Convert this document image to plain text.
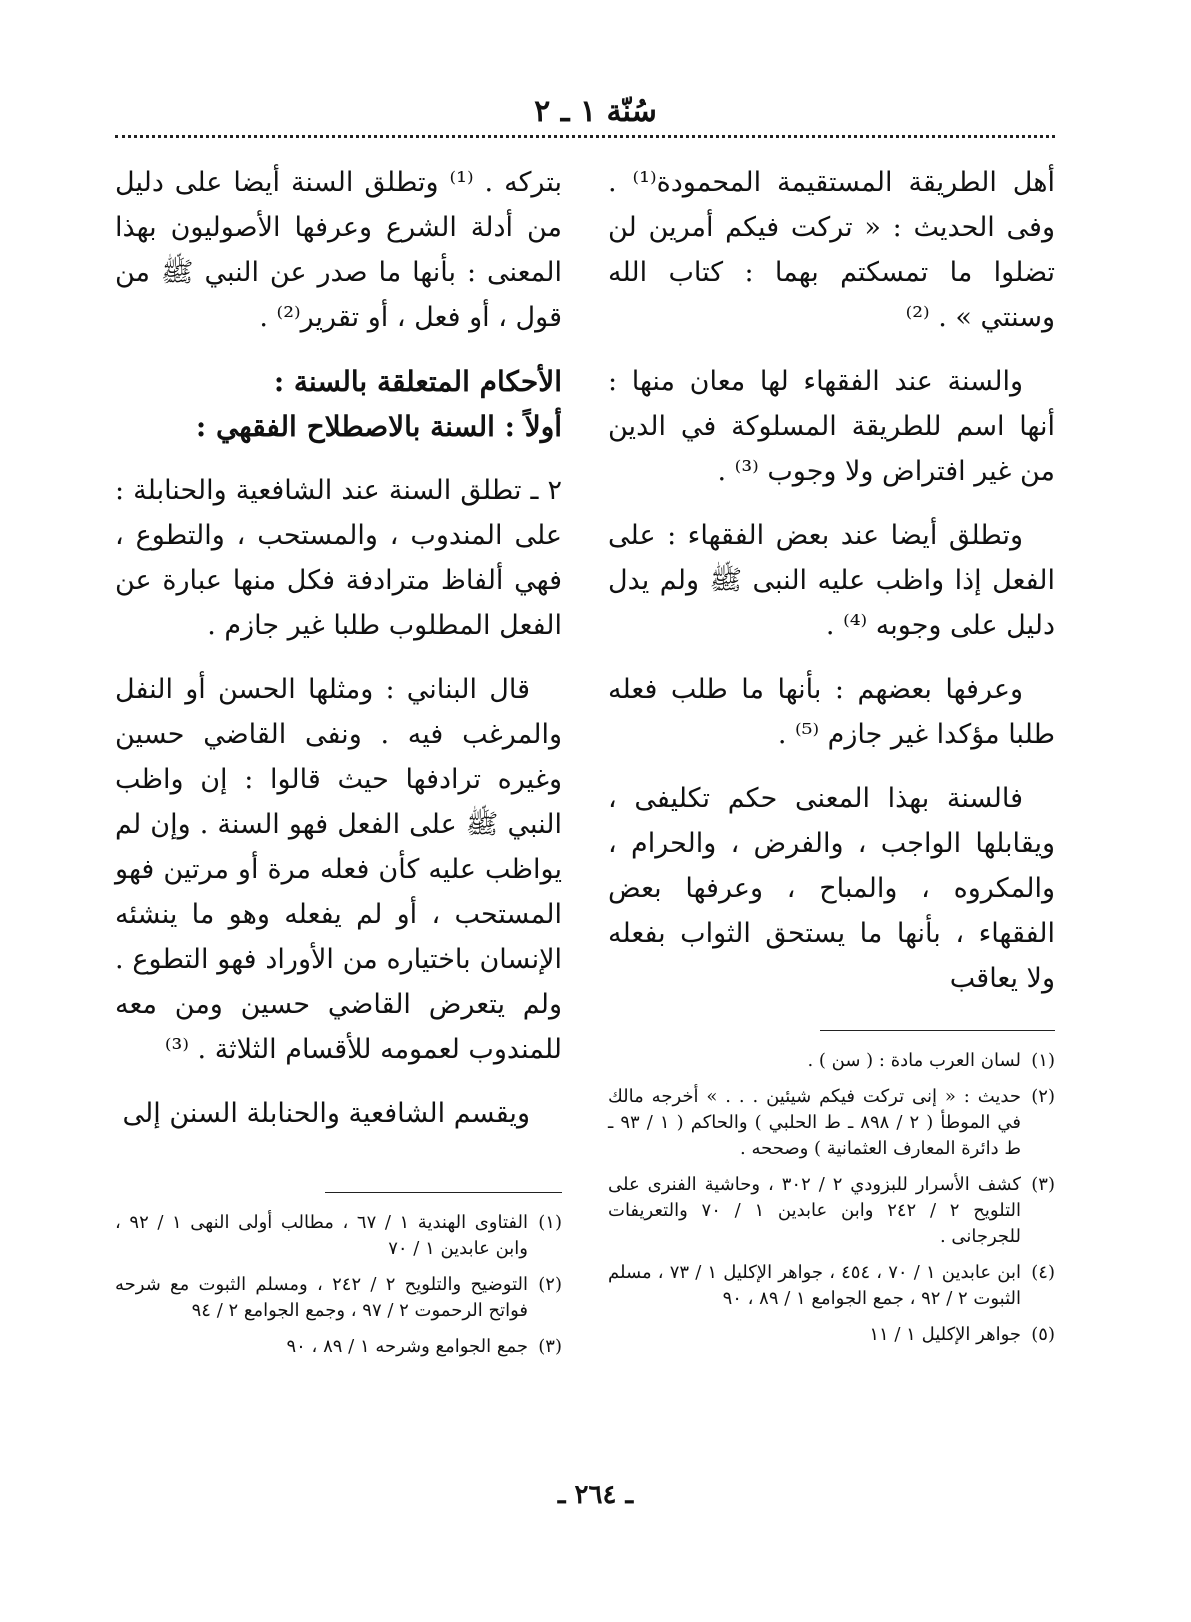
سُنّة ١ ـ ٢

أهل الطريقة المستقيمة المحمودة⁽¹⁾ . وفى الحديث : « تركت فيكم أمرين لن تضلوا ما تمسكتم بهما : كتاب الله وسنتي » . ⁽²⁾

والسنة عند الفقهاء لها معان منها : أنها اسم للطريقة المسلوكة في الدين من غير افتراض ولا وجوب ⁽³⁾ .

وتطلق أيضا عند بعض الفقهاء : على الفعل إذا واظب عليه النبى ﷺ ولم يدل دليل على وجوبه ⁽⁴⁾ .

وعرفها بعضهم : بأنها ما طلب فعله طلبا مؤكدا غير جازم ⁽⁵⁾ .

فالسنة بهذا المعنى حكم تكليفى ، ويقابلها الواجب ، والفرض ، والحرام ، والمكروه ، والمباح ، وعرفها بعض الفقهاء ، بأنها ما يستحق الثواب بفعله ولا يعاقب

(١)
لسان العرب مادة : ( سن ) .
(٢)
حديث : « إنى تركت فيكم شيئين . . . » أخرجه مالك في الموطأ ( ٢ / ٨٩٨ ـ ط الحلبي ) والحاكم ( ١ / ٩٣ ـ ط دائرة المعارف العثمانية ) وصححه .
(٣)
كشف الأسرار للبزودي ٢ / ٣٠٢ ، وحاشية الفنرى على التلويح ٢ / ٢٤٢ وابن عابدين ١ / ٧٠ والتعريفات للجرجانى .
(٤)
ابن عابدين ١ / ٧٠ ، ٤٥٤ ، جواهر الإكليل ١ / ٧٣ ، مسلم الثبوت ٢ / ٩٢ ، جمع الجوامع ١ / ٨٩ ، ٩٠
(٥)
جواهر الإكليل ١ / ١١

بتركه . ⁽¹⁾ وتطلق السنة أيضا على دليل من أدلة الشرع وعرفها الأصوليون بهذا المعنى : بأنها ما صدر عن النبي ﷺ من قول ، أو فعل ، أو تقرير⁽²⁾ .

الأحكام المتعلقة بالسنة :

أولاً : السنة بالاصطلاح الفقهي :

٢ ـ تطلق السنة عند الشافعية والحنابلة : على المندوب ، والمستحب ، والتطوع ، فهي ألفاظ مترادفة فكل منها عبارة عن الفعل المطلوب طلبا غير جازم .

قال البناني : ومثلها الحسن أو النفل والمرغب فيه . ونفى القاضي حسين وغيره ترادفها حيث قالوا : إن واظب النبي ﷺ على الفعل فهو السنة . وإن لم يواظب عليه كأن فعله مرة أو مرتين فهو المستحب ، أو لم يفعله وهو ما ينشئه الإنسان باختياره من الأوراد فهو التطوع . ولم يتعرض القاضي حسين ومن معه للمندوب لعمومه للأقسام الثلاثة . ⁽³⁾

ويقسم الشافعية والحنابلة السنن إلى

(١)
الفتاوى الهندية ١ / ٦٧ ، مطالب أولى النهى ١ / ٩٢ ، وابن عابدين ١ / ٧٠
(٢)
التوضيح والتلويح ٢ / ٢٤٢ ، ومسلم الثبوت مع شرحه فواتح الرحموت ٢ / ٩٧ ، وجمع الجوامع ٢ / ٩٤
(٣)
جمع الجوامع وشرحه ١ / ٨٩ ، ٩٠
ـ ٢٦٤ ـ
